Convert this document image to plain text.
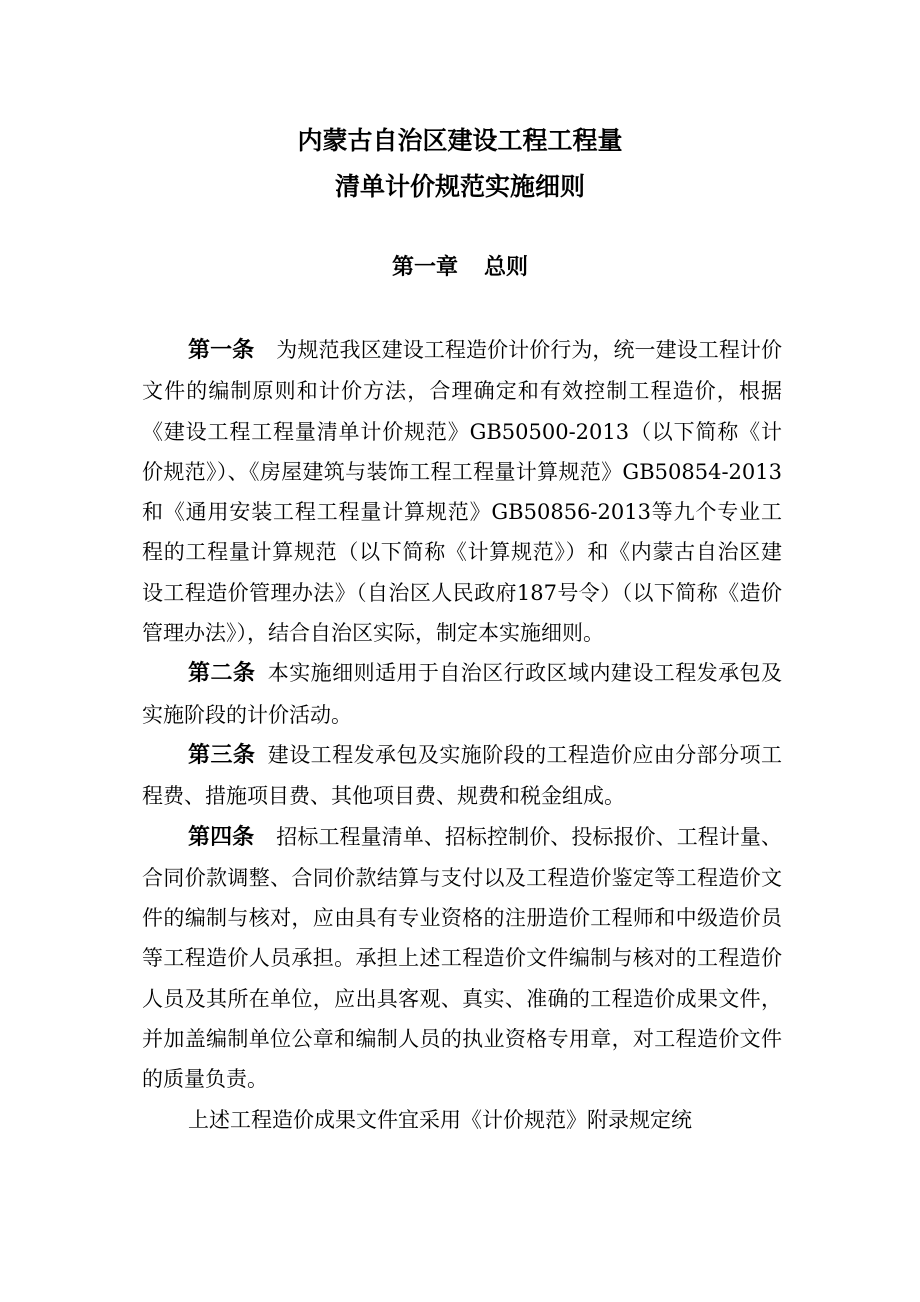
内蒙古自治区建设工程工程量
清单计价规范实施细则
第一章 总则

第一条 为规范我区建设工程造价计价行为，统一建设工程计价文件的编制原则和计价方法，合理确定和有效控制工程造价，根据《建设工程工程量清单计价规范》GB50500-2013（以下简称《计价规范》）、《房屋建筑与装饰工程工程量计算规范》GB50854-2013和《通用安装工程工程量计算规范》GB50856-2013等九个专业工程的工程量计算规范（以下简称《计算规范》）和《内蒙古自治区建设工程造价管理办法》（自治区人民政府187号令）（以下简称《造价管理办法》），结合自治区实际，制定本实施细则。

第二条 本实施细则适用于自治区行政区域内建设工程发承包及实施阶段的计价活动。

第三条 建设工程发承包及实施阶段的工程造价应由分部分项工程费、措施项目费、其他项目费、规费和税金组成。

第四条 招标工程量清单、招标控制价、投标报价、工程计量、合同价款调整、合同价款结算与支付以及工程造价鉴定等工程造价文件的编制与核对，应由具有专业资格的注册造价工程师和中级造价员等工程造价人员承担。承担上述工程造价文件编制与核对的工程造价人员及其所在单位，应出具客观、真实、准确的工程造价成果文件，并加盖编制单位公章和编制人员的执业资格专用章，对工程造价文件的质量负责。

上述工程造价成果文件宜采用《计价规范》附录规定统
